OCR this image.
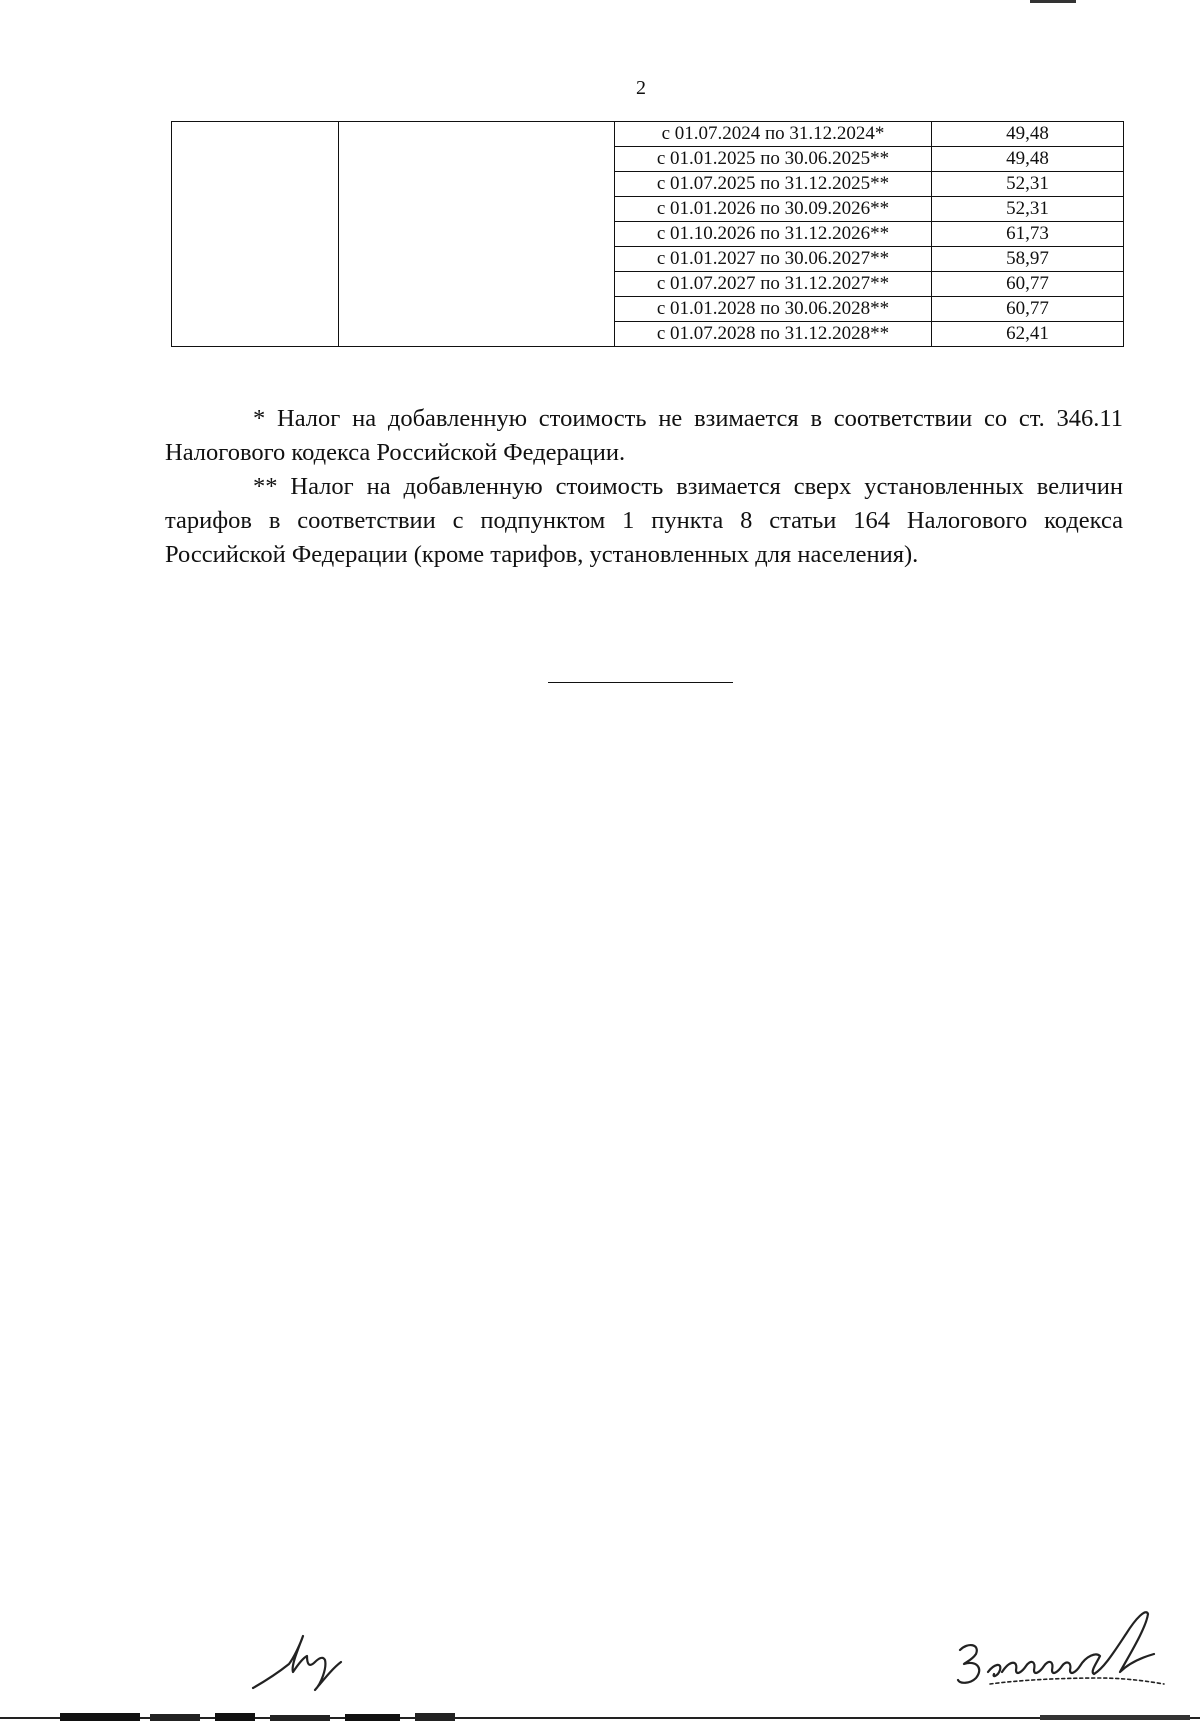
2
		с 01.07.2024 по 31.12.2024*	49,48
		с 01.01.2025 по 30.06.2025**	49,48
		с 01.07.2025 по 31.12.2025**	52,31
		с 01.01.2026 по 30.09.2026**	52,31
		с 01.10.2026 по 31.12.2026**	61,73
		с 01.01.2027 по 30.06.2027**	58,97
		с 01.07.2027 по 31.12.2027**	60,77
		с 01.01.2028 по 30.06.2028**	60,77
		с 01.07.2028 по 31.12.2028**	62,41

* Налог на добавленную стоимость не взимается в соответствии со ст. 346.11 Налогового кодекса Российской Федерации.

** Налог на добавленную стоимость взимается сверх установленных величин тарифов в соответствии с подпунктом 1 пункта 8 статьи 164 Налогового кодекса Российской Федерации (кроме тарифов, установленных для населения).
